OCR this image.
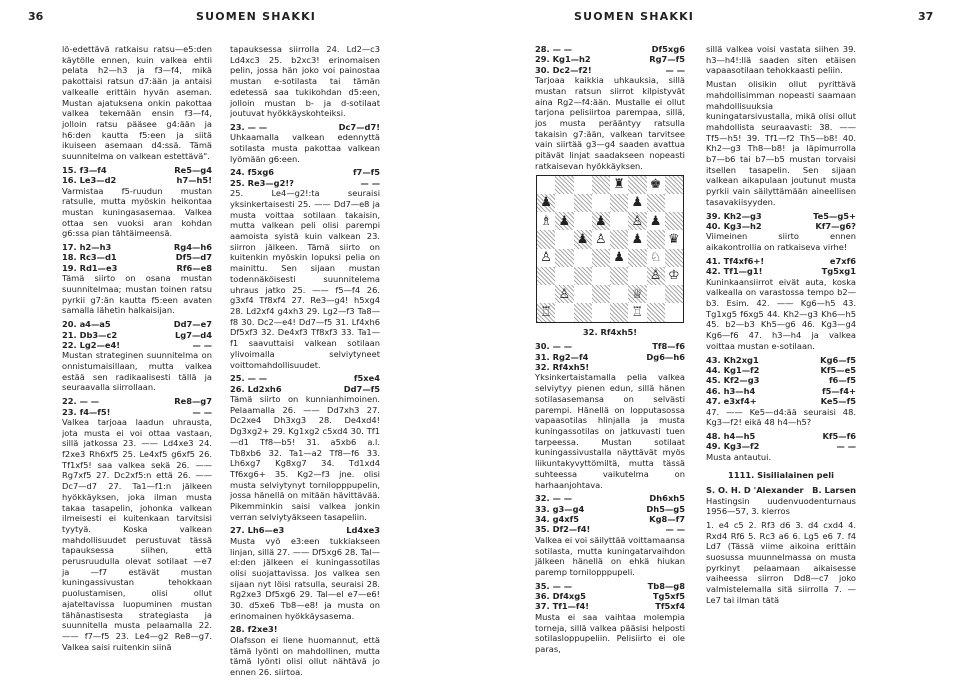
36	SUOMEN SHAKKI

lö-edettävä ratkaisu ratsu—e5:den käytölle ennen, kuin valkea ehtii pelata h2—h3 ja f3—f4, mikä pakottaisi ratsun d7:ään ja antaisi valkealle erittäin hyvän aseman. Mustan ajatuksena onkin pakottaa valkea tekemään ensin f3—f4, jolloin ratsu pääsee g4:ään ja h6:den kautta f5:een ja siitä ikuiseen asemaan d4:ssä. Tämä suunnitelma on valkean estettävä".

15. f3—f4	Re5—g4
16. Le3—d2	h7—h5!

Varmistaa f5-ruudun mustan ratsulle, mutta myöskin heikontaa mustan kuningasasemaa. Valkea ottaa sen vuoksi aran kohdan g6:ssa pian tähtäimeensä.

17. h2—h3	Rg4—h6
18. Rc3—d1	Df5—d7
19. Rd1—e3	Rf6—e8

Tämä siirto on osana mustan suunnitelmaa; mustan toinen ratsu pyrkii g7:än kautta f5:een avaten samalla lähetin halkaisijan.

20. a4—a5	Dd7—e7
21. Db3—c2	Lg7—d4
22. Lg2—e4!	— —

Mustan strateginen suunnitelma on onnistumaisillaan, mutta valkea estää sen radikaalisesti tällä ja seuraavalla siirrollaan.

22. — —	Re8—g7
23. f4—f5!	— —

Valkea tarjoaa laadun uhrausta, jota musta ei voi ottaa vastaan, sillä jatkossa 23. —— Ld4xe3 24. f2xe3 Rh6xf5 25. Le4xf5 g6xf5 26. Tf1xf5! saa valkea sekä 26. —— Rg7xf5 27. Dc2xf5:n että 26. —— Dc7—d7 27. Ta1—f1:n jälkeen hyökkäyksen, joka ilman musta takaa tasapelin, johonka valkean ilmeisesti ei kuitenkaan tarvitsisi tyytyä. Koska valkean mahdollisuudet perustuvat tässä tapauksessa siihen, että perusruudulla olevat sotilaat —e7 ja —f7 estävät mustan kuningassivustan tehokkaan puolustamisen, olisi ollut ajateltavissa luopuminen mustan tähänastisesta strategiasta ja suunnitella musta pelaamalla 22. —— f7—f5 23. Le4—g2 Re8—g7. Valkea saisi ruitenkin siinä

tapauksessa siirrolla 24. Ld2—c3 Ld4xc3 25. b2xc3! erinomaisen pelin, jossa hän joko voi painostaa mustan e-sotilasta tai tämän edetessä saa tukikohdan d5:een, jolloin mustan b- ja d-sotilaat joutuvat hyökkäyskohteiksi.

23. — —	Dc7—d7!

Uhkaamalla valkean edennyttä sotilasta musta pakottaa valkean lyömään g6:een.

24. f5xg6	f7—f5
25. Re3—g2!?	— —

25. Le4—g2!:ta seuraisi yksinkertaisesti 25. —— Dd7—e8 ja musta voittaa sotilaan takaisin, mutta valkean peli olisi parempi aamoista syistä kuin valkean 23. siirron jälkeen. Tämä siirto on kuitenkin myöskin lopuksi pelia on mainittu. Sen sijaan mustan todennäköisesti suunnitelema uhraus jatko 25. —— f5—f4 26. g3xf4 Tf8xf4 27. Re3—g4! h5xg4 28. Ld2xf4 g4xh3 29. Lg2—f3 Ta8—f8 30. Dc2—e4! Dd7—f5 31. Lf4xh6 Df5xf3 32. De4xf3 Tf8xf3 33. Ta1—f1 saavuttaisi valkean sotilaan ylivoimalla selviytyneet voittomahdollisuudet.

25. — —	f5xe4
26. Ld2xh6	Dd7—f5

Tämä siirto on kunnianhimoinen. Pelaamalla 26. —— Dd7xh3 27. Dc2xe4 Dh3xg3 28. De4xd4! Dg3xg2+ 29. Kg1xg2 c5xd4 30. Tf1—d1 Tf8—b5! 31. a5xb6 a.l. Tb8xb6 32. Ta1—a2 Tf8—f6 33. Lh6xg7 Kg8xg7 34. Td1xd4 Tf6xg6+ 35. Kg2—f3 jne. olisi musta selviytynyt tornilopppupelin, jossa hänellä on mitään hävittävää. Pikemminkin saisi valkea jonkin verran selviytyäkseen tasapeliin.

27. Lh6—e3	Ld4xe3

Musta vyö e3:een tukkiakseen linjan, sillä 27. —— Df5xg6 28. Tal—el:den jälkeen ei kuningassotilas olisi suojattavissa. Jos valkea sen sijaan nyt löisi ratsulla, seuraisi 28. Rg2xe3 Df5xg6 29. Tal—el e7—e6! 30. d5xe6 Tb8—e8! ja musta on erinomainen hyökkäysasema.

28. f2xe3!

Olafsson ei liene huomannut, että tämä lyönti on mahdollinen, mutta tämä lyönti olisi ollut nähtävä jo ennen 26. siirtoa.

SUOMEN SHAKKI	37
28. — —	Df5xg6
29. Kg1—h2	Rg7—f5
30. Dc2—f2!	— —

Tarjoaa kaikkia uhkauksia, sillä mustan ratsun siirrot kilpistyvät aina Rg2—f4:ään. Mustalle ei ollut tarjona pelisiirtoa parempaa, sillä, jos musta perääntyy ratsulla takaisin g7:ään, valkean tarvitsee vain siirtää g3—g4 saaden avattua pitävät linjat saadakseen nopeasti ratkaisevan hyökkäyksen.

♜ ♚
♟	♟
♗ ♟ ♟ ♙ ♟
♟ ♙ ♟ ♛
♙	♟ ♘
♙ ♔
♙	♕
♖	♖
32. Rf4xh5!
30. — —	Tf8—f6
31. Rg2—f4	Dg6—h6
32. Rf4xh5!

Yksinkertaistamalla pelia valkea selviytyy pienen edun, sillä hänen sotilasasemansa on selvästi parempi. Hänellä on lopputasossa vapaasotilas hlinjalla ja musta kuningassotilas on jatkuvasti tuen tarpeessa. Mustan sotilaat kuningassivustalla näyttävät myös liikuntakyvyttömiltä, mutta tässä suhteessa vaikutelma on harhaanjohtava.

32. — —	Dh6xh5
33. g3—g4	Dh5—g5
34. g4xf5	Kg8—f7
35. Df2—f4!	— —

Valkea ei voi säilyttää voittamaansa sotilasta, mutta kuningatarvaihdon jälkeen hänellä on ehkä hiukan paremp tornilopppupeli.

35. — —	Tb8—g8
36. Df4xg5	Tg5xf5
37. Tf1—f4!	Tf5xf4

Musta ei saa vaihtaa molempia torneja, sillä valkea pääsisi helposti sotilasloppupeliin. Pelisiirto ei ole paras,

sillä valkea voisi vastata siihen 39. h3—h4!:llä saaden siten etäisen vapaasotilaan tehokkaasti peliin.

Mustan olisikin ollut pyrittävä mahdollisimman nopeasti saamaan mahdollisuuksia kuningatarsivustalla, mikä olisi ollut mahdollista seuraavasti: 38. —— Tf5—h5! 39. Tf1—f2 Th5—b8! 40. Kh2—g3 Th8—b8! ja läpimurrolla b7—b6 tai b7—b5 mustan torvaisi itsellen tasapelin. Sen sijaan valkean aikapulaan joutunut musta pyrkii vain säilyttämään aineellisen tasavakiisyyden.

39. Kh2—g3	Te5—g5+
40. Kg3—h2	Kf7—g6?

Viimeinen siirto ennen aikakontrollia on ratkaiseva virhe!

41. Tf4xf6+!	e7xf6
42. Tf1—g1!	Tg5xg1

Kuninkaansiirrot eivät auta, koska valkealla on varastossa tempo b2—b3. Esim. 42. —— Kg6—h5 43. Tg1xg5 f6xg5 44. Kh2—g3 Kh6—h5 45. b2—b3 Kh5—g6 46. Kg3—g4 Kg6—f6 47. h3—h4 ja valkea voittaa mustan e-sotilaan.

43. Kh2xg1	Kg6—f5
44. Kg1—f2	Kf5—e5
45. Kf2—g3	f6—f5
46. h3—h4	f5—f4+
47. e3xf4+	Ke5—f5

47. —— Ke5—d4:ää seuraisi 48. Kg3—f2! eikä 48 h4—h5?

48. h4—h5	Kf5—f6
49. Kg3—f2	— —

Musta antautui.

1111. Sisilialainen peli
S. O. H. D 'Alexander B. Larsen

Hastingsin uudenvuodenturnaus 1956—57, 3. kierros

1. e4 c5 2. Rf3 d6 3. d4 cxd4 4. Rxd4 Rf6 5. Rc3 a6 6. Lg5 e6 7. f4 Ld7 (Tässä viime aikoina erittäin suosussa muunnelmassa on musta pyrkinyt pelaamaan aikaisesse vaiheessa siirron Dd8—c7 joko valmistelemalla sitä siirrolla 7. — Le7 tai ilman tätä
